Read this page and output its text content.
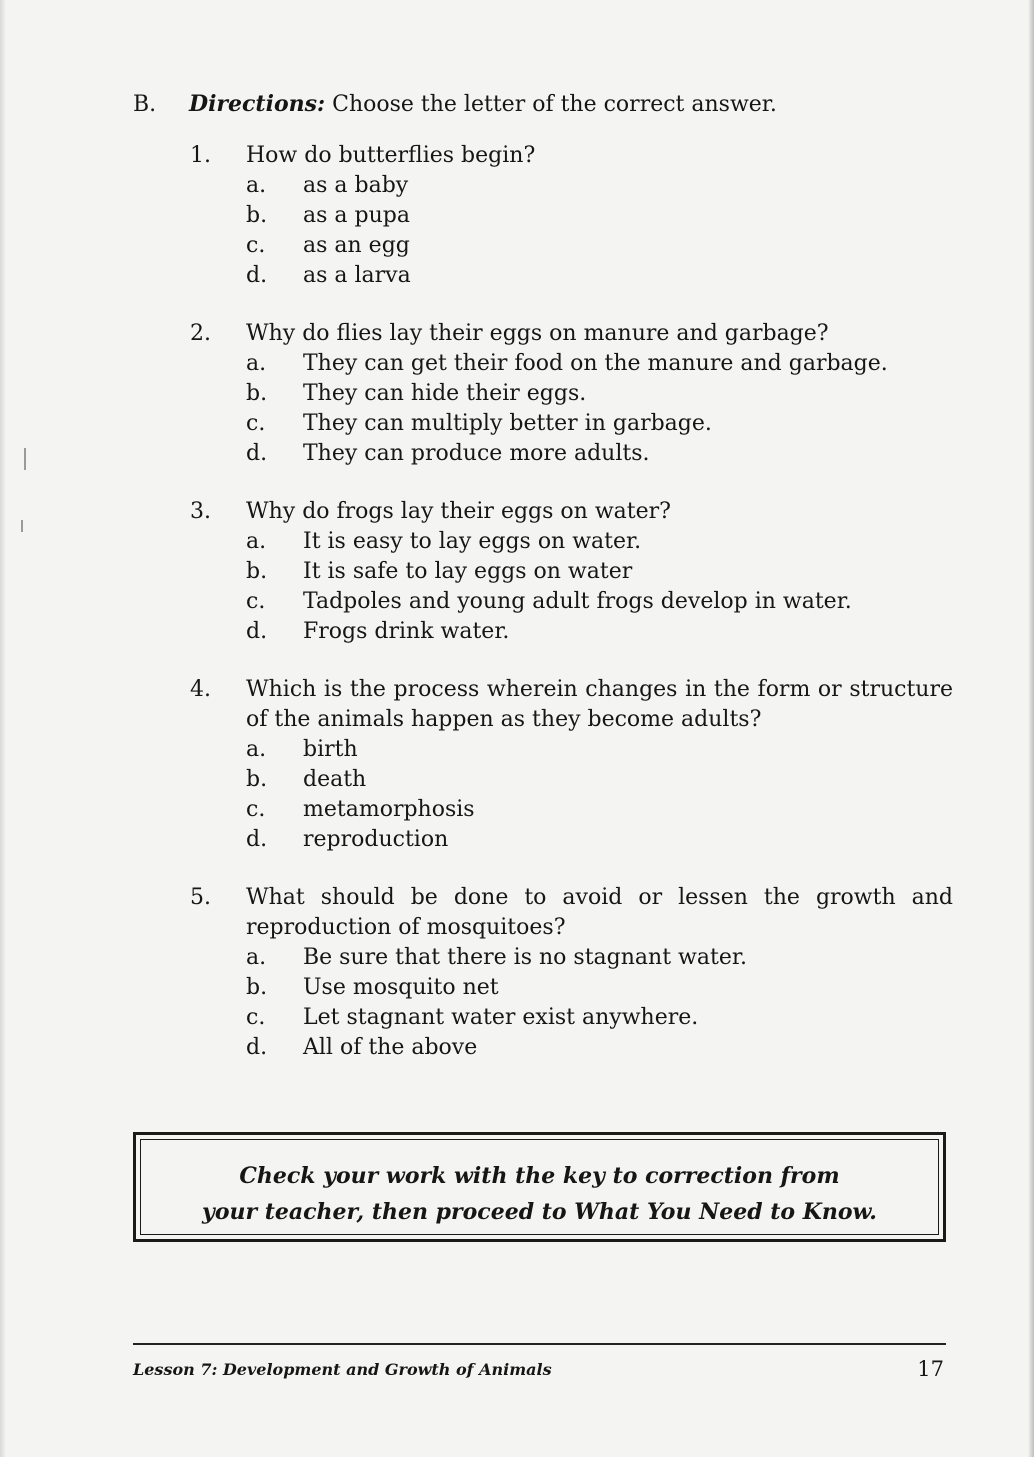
B. Directions: Choose the letter of the correct answer.
1. How do butterflies begin?
a. as a baby
b. as a pupa
c. as an egg
d. as a larva
2. Why do flies lay their eggs on manure and garbage?
a. They can get their food on the manure and garbage.
b. They can hide their eggs.
c. They can multiply better in garbage.
d. They can produce more adults.
3. Why do frogs lay their eggs on water?
a. It is easy to lay eggs on water.
b. It is safe to lay eggs on water
c. Tadpoles and young adult frogs develop in water.
d. Frogs drink water.
4. Which is the process wherein changes in the form or structure of the animals happen as they become adults?
a. birth
b. death
c. metamorphosis
d. reproduction
5. What should be done to avoid or lessen the growth and reproduction of mosquitoes?
a. Be sure that there is no stagnant water.
b. Use mosquito net
c. Let stagnant water exist anywhere.
d. All of the above
Check your work with the key to correction from
your teacher, then proceed to What You Need to Know.
Lesson 7: Development and Growth of Animals	17
